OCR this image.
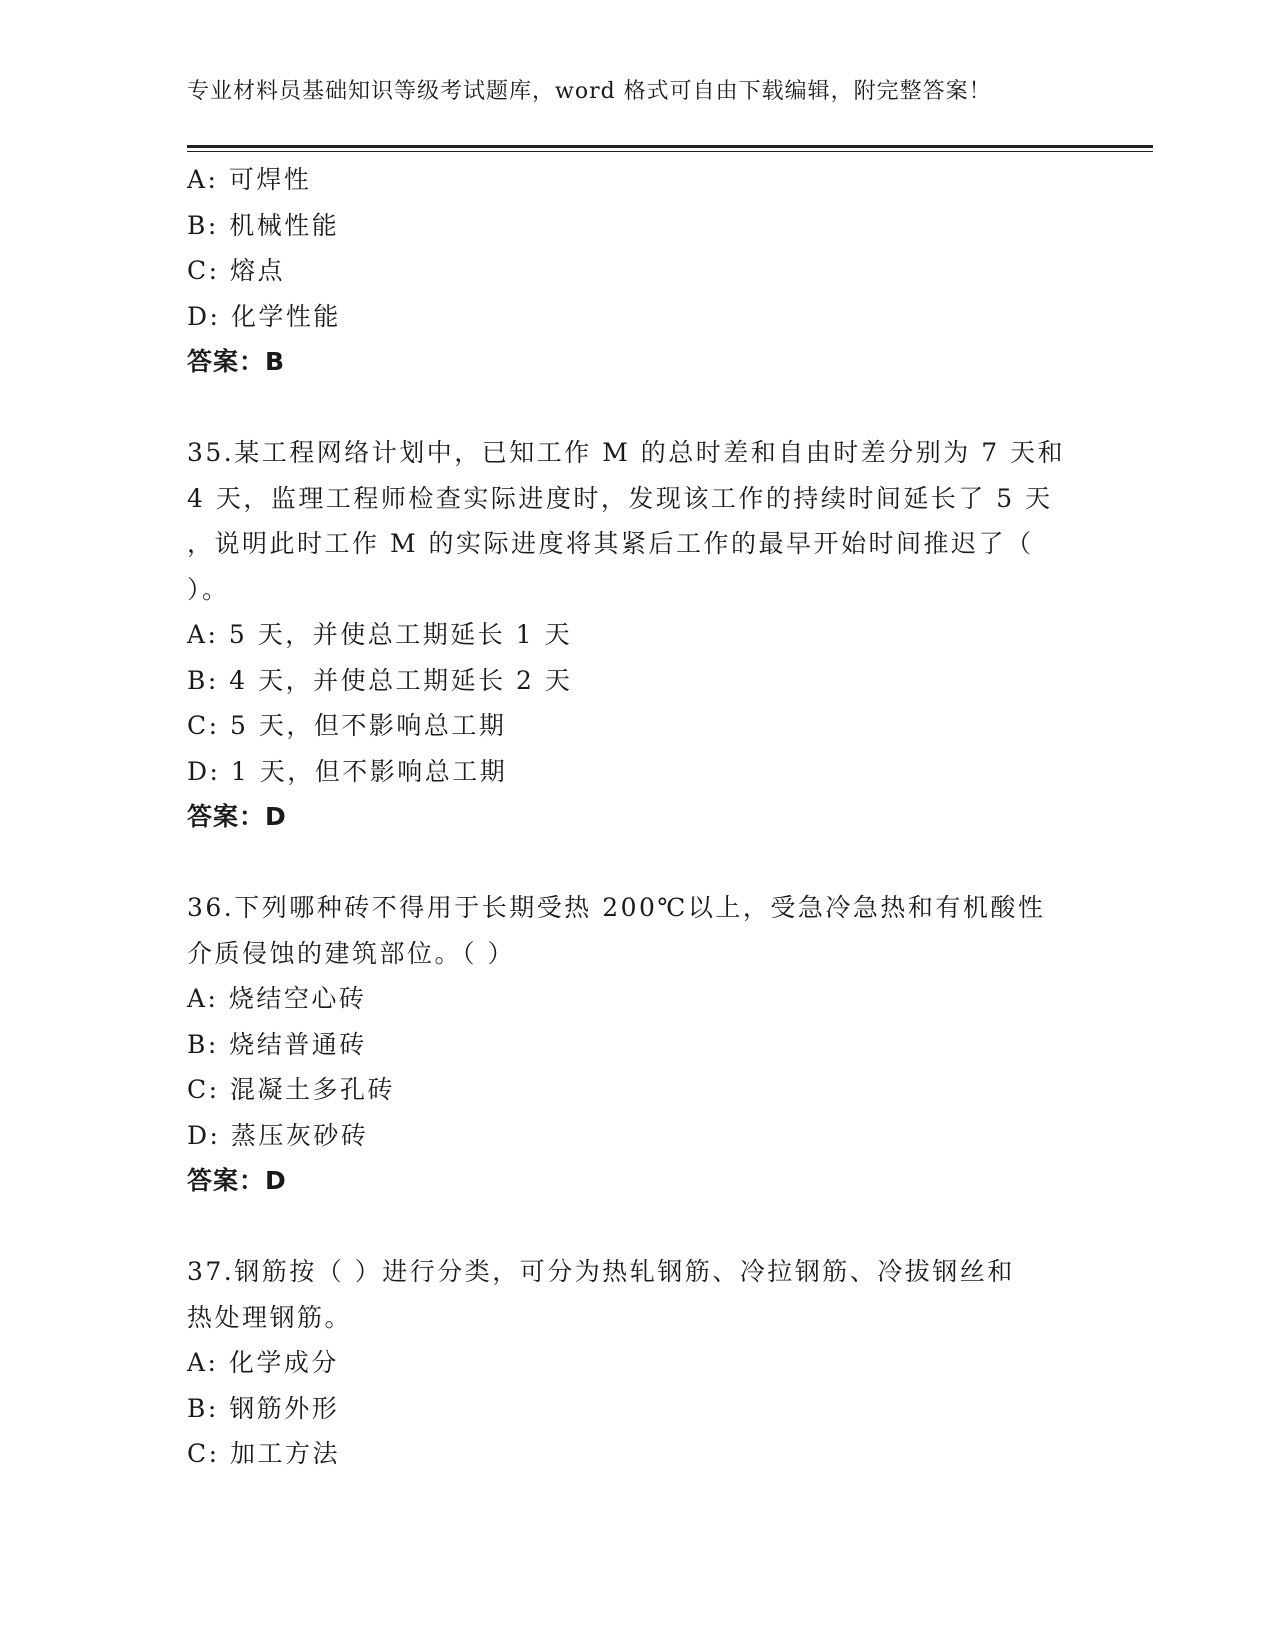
专业材料员基础知识等级考试题库，word 格式可自由下载编辑，附完整答案！
A: 可焊性
B: 机械性能
C: 熔点
D: 化学性能
答案：B
35.某工程网络计划中，已知工作 M 的总时差和自由时差分别为 7 天和
4 天，监理工程师检查实际进度时，发现该工作的持续时间延长了 5 天
，说明此时工作 M 的实际进度将其紧后工作的最早开始时间推迟了（
）。
A: 5 天，并使总工期延长 1 天
B: 4 天，并使总工期延长 2 天
C: 5 天，但不影响总工期
D: 1 天，但不影响总工期
答案：D
36.下列哪种砖不得用于长期受热 200℃以上，受急冷急热和有机酸性
介质侵蚀的建筑部位。（ ）
A: 烧结空心砖
B: 烧结普通砖
C: 混凝土多孔砖
D: 蒸压灰砂砖
答案：D
37.钢筋按（ ）进行分类，可分为热轧钢筋、冷拉钢筋、冷拔钢丝和
热处理钢筋。
A: 化学成分
B: 钢筋外形
C: 加工方法
